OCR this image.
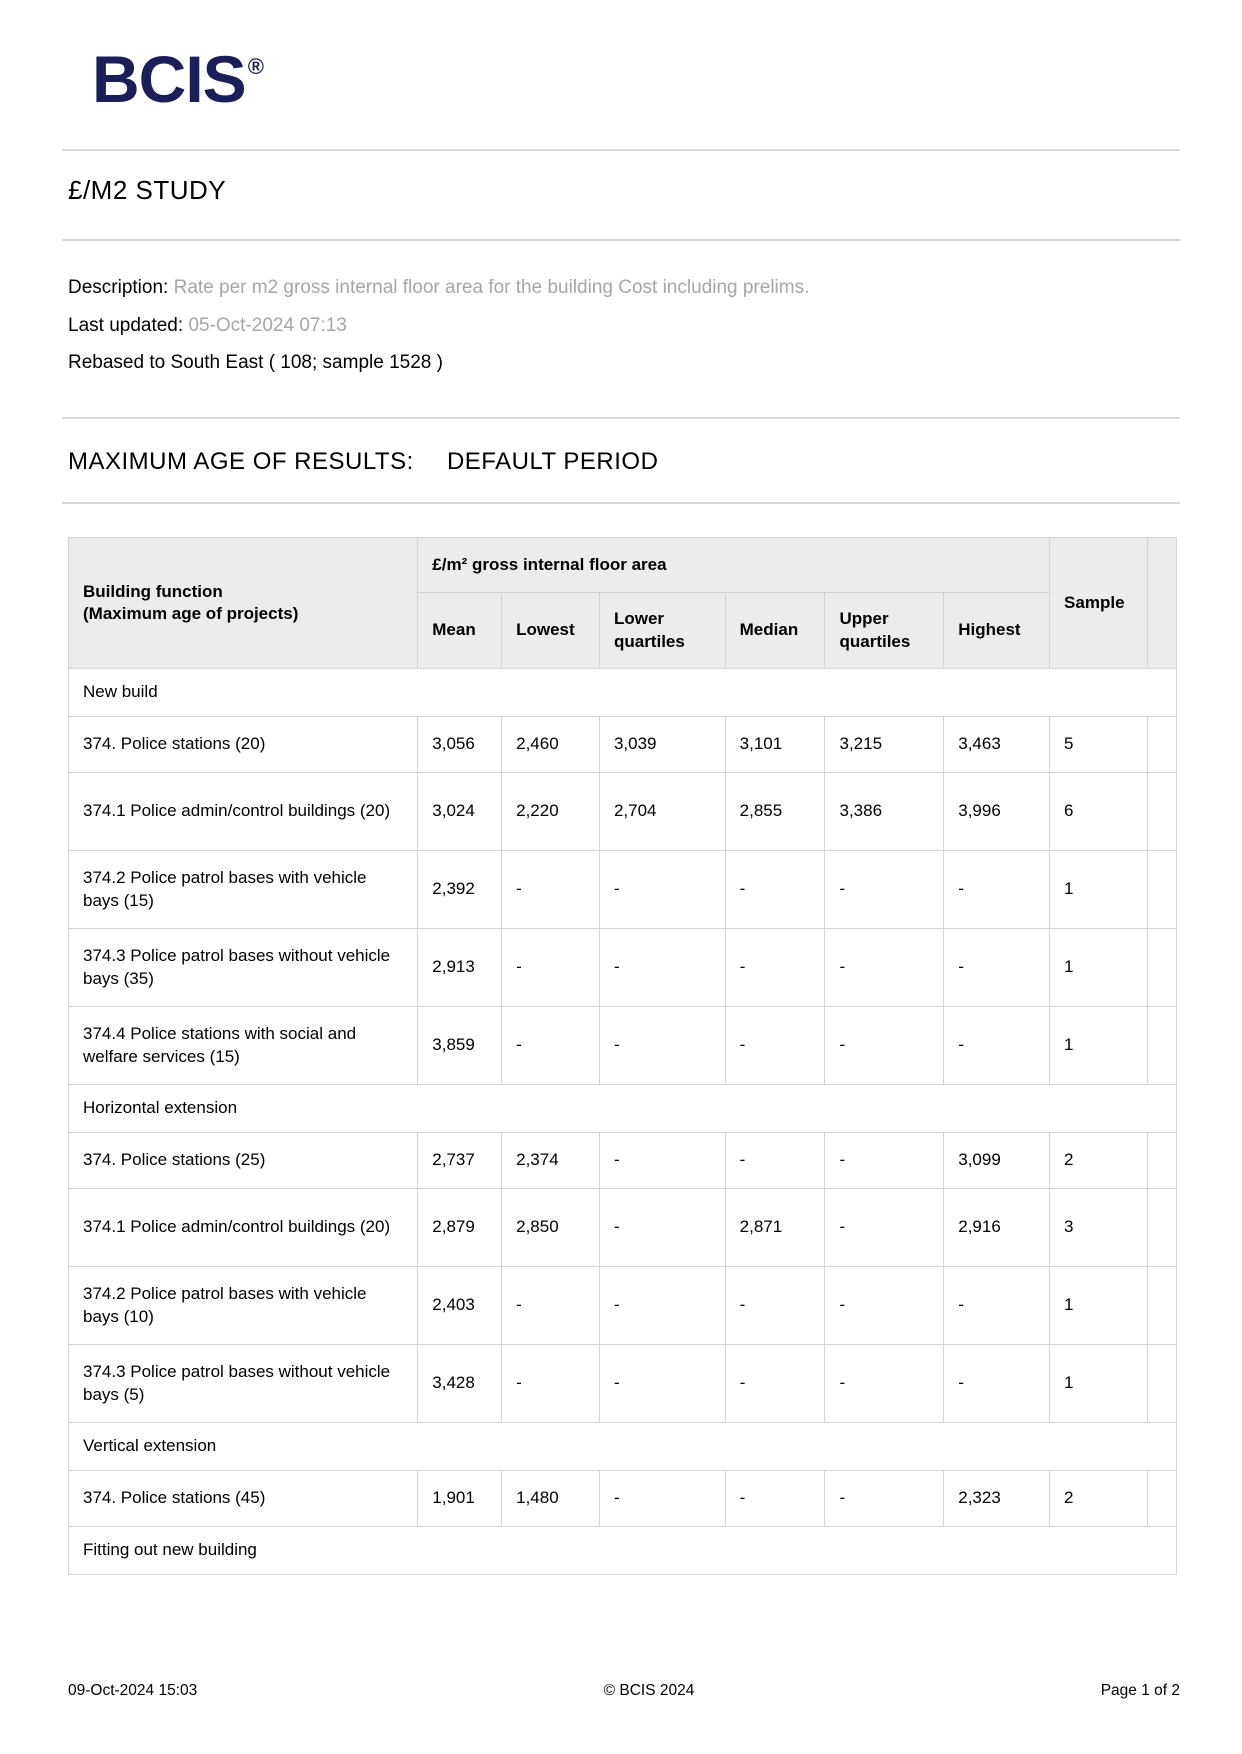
BCIS®
£/M2 STUDY
Description: Rate per m2 gross internal floor area for the building Cost including prelims.
Last updated: 05-Oct-2024 07:13
Rebased to South East ( 108; sample 1528 )
MAXIMUM AGE OF RESULTS: DEFAULT PERIOD
Building function
(Maximum age of projects)	£/m² gross internal floor area						Sample	
	Mean	Lowest	Lower quartiles	Median	Upper quartiles	Highest		
New build								
374. Police stations (20)	3,056	2,460	3,039	3,101	3,215	3,463	5	
374.1 Police admin/control buildings (20)	3,024	2,220	2,704	2,855	3,386	3,996	6	
374.2 Police patrol bases with vehicle bays (15)	2,392	-	-	-	-	-	1	
374.3 Police patrol bases without vehicle bays (35)	2,913	-	-	-	-	-	1	
374.4 Police stations with social and welfare services (15)	3,859	-	-	-	-	-	1	
Horizontal extension								
374. Police stations (25)	2,737	2,374	-	-	-	3,099	2	
374.1 Police admin/control buildings (20)	2,879	2,850	-	2,871	-	2,916	3	
374.2 Police patrol bases with vehicle bays (10)	2,403	-	-	-	-	-	1	
374.3 Police patrol bases without vehicle bays (5)	3,428	-	-	-	-	-	1	
Vertical extension								
374. Police stations (45)	1,901	1,480	-	-	-	2,323	2	
Fitting out new building								
09-Oct-2024 15:03	© BCIS 2024	Page 1 of 2
